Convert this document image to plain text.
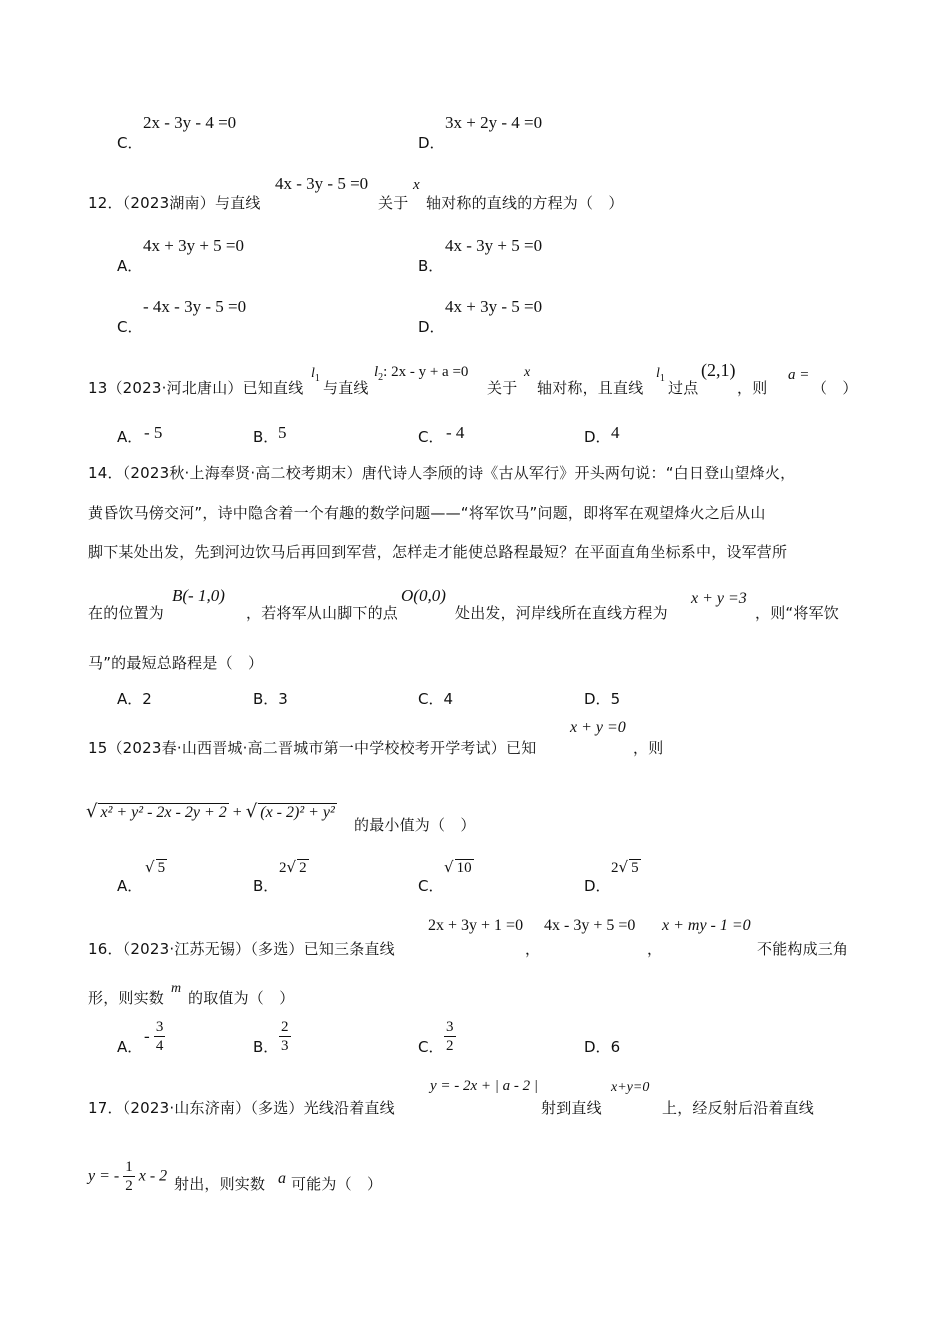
C．
2x - 3y - 4 =0
D．
3x + 2y - 4 =0
12．（2023湖南）与直线
4x - 3y - 5 =0
关于
x
轴对称的直线的方程为（　）
A．
4x + 3y + 5 =0
B．
4x - 3y + 5 =0
C．
- 4x - 3y - 5 =0
D．
4x + 3y - 5 =0
13（2023·河北唐山）已知直线
$l_1$
与直线
$l_2$: 2x - y + a =0
关于
x
轴对称，且直线
$l_1$
过点
(2,1)
，则
a =
（　）
A． - 5	B． 5	C． - 4	D． 4
14．（2023秋·上海奉贤·高二校考期末）唐代诗人李颀的诗《古从军行》开头两句说：“白日登山望烽火，
黄昏饮马傍交河”，诗中隐含着一个有趣的数学问题——“将军饮马”问题，即将军在观望烽火之后从山
脚下某处出发，先到河边饮马后再回到军营，怎样走才能使总路程最短？在平面直角坐标系中，设军营所
在的位置为
B(- 1,0)
，若将军从山脚下的点
O(0,0)
处出发，河岸线所在直线方程为
x + y =3
，则“将军饮
马”的最短总路程是（　）
A．2	B．3	C．4	D．5
15（2023春·山西晋城·高二晋城市第一中学校校考开学考试）已知
x + y =0
，则
√ x² + y² - 2x - 2y + 2 + √ (x - 2)² + y²
的最小值为（　）
A．
√ 5
B．
2√ 2
C．
√ 10
D．
2√ 5
16．（2023·江苏无锡）（多选）已知三条直线
2x + 3y + 1 =0
，
4x - 3y + 5 =0
，
x + my - 1 =0
不能构成三角
形，则实数
m
的取值为（　）
A．
- $\frac{3}{4}$	B． $\frac{2}{3}$	C． $\frac{3}{2}$	D．6
17．（2023·山东济南）（多选）光线沿着直线
y = - 2x + | a - 2 |
射到直线
x+y=0
上，经反射后沿着直线
y = - $\frac{1}{2}$ x - 2 射出，则实数 a 可能为（　）
